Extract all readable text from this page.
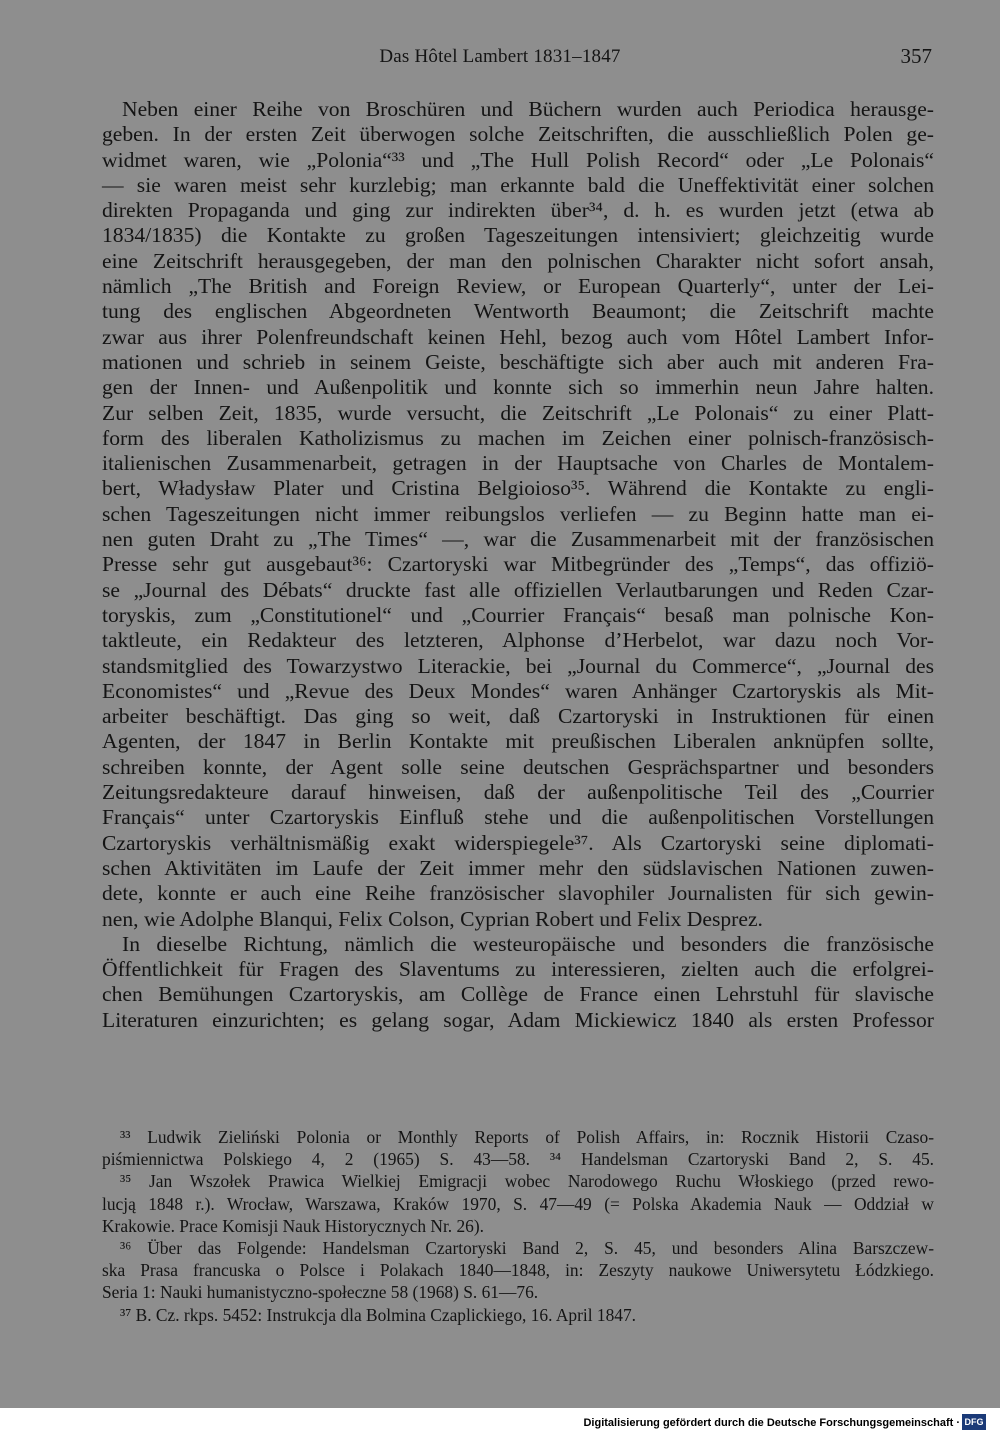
Das Hôtel Lambert 1831–1847	357
Neben einer Reihe von Broschüren und Büchern wurden auch Periodica herausge-
geben. In der ersten Zeit überwogen solche Zeitschriften, die ausschließlich Polen ge-
widmet waren, wie „Polonia“³³ und „The Hull Polish Record“ oder „Le Polonais“
— sie waren meist sehr kurzlebig; man erkannte bald die Uneffektivität einer solchen
direkten Propaganda und ging zur indirekten über³⁴, d. h. es wurden jetzt (etwa ab
1834/1835) die Kontakte zu großen Tageszeitungen intensiviert; gleichzeitig wurde
eine Zeitschrift herausgegeben, der man den polnischen Charakter nicht sofort ansah,
nämlich „The British and Foreign Review, or European Quarterly“, unter der Lei-
tung des englischen Abgeordneten Wentworth Beaumont; die Zeitschrift machte
zwar aus ihrer Polenfreundschaft keinen Hehl, bezog auch vom Hôtel Lambert Infor-
mationen und schrieb in seinem Geiste, beschäftigte sich aber auch mit anderen Fra-
gen der Innen- und Außenpolitik und konnte sich so immerhin neun Jahre halten.
Zur selben Zeit, 1835, wurde versucht, die Zeitschrift „Le Polonais“ zu einer Platt-
form des liberalen Katholizismus zu machen im Zeichen einer polnisch-französisch-
italienischen Zusammenarbeit, getragen in der Hauptsache von Charles de Montalem-
bert, Władysław Plater und Cristina Belgioioso³⁵. Während die Kontakte zu engli-
schen Tageszeitungen nicht immer reibungslos verliefen — zu Beginn hatte man ei-
nen guten Draht zu „The Times“ —, war die Zusammenarbeit mit der französischen
Presse sehr gut ausgebaut³⁶: Czartoryski war Mitbegründer des „Temps“, das offiziö-
se „Journal des Débats“ druckte fast alle offiziellen Verlautbarungen und Reden Czar-
toryskis, zum „Constitutionel“ und „Courrier Français“ besaß man polnische Kon-
taktleute, ein Redakteur des letzteren, Alphonse d’Herbelot, war dazu noch Vor-
standsmitglied des Towarzystwo Literackie, bei „Journal du Commerce“, „Journal des
Economistes“ und „Revue des Deux Mondes“ waren Anhänger Czartoryskis als Mit-
arbeiter beschäftigt. Das ging so weit, daß Czartoryski in Instruktionen für einen
Agenten, der 1847 in Berlin Kontakte mit preußischen Liberalen anknüpfen sollte,
schreiben konnte, der Agent solle seine deutschen Gesprächspartner und besonders
Zeitungsredakteure darauf hinweisen, daß der außenpolitische Teil des „Courrier
Français“ unter Czartoryskis Einfluß stehe und die außenpolitischen Vorstellungen
Czartoryskis verhältnismäßig exakt widerspiegele³⁷. Als Czartoryski seine diplomati-
schen Aktivitäten im Laufe der Zeit immer mehr den südslavischen Nationen zuwen-
dete, konnte er auch eine Reihe französischer slavophiler Journalisten für sich gewin-
nen, wie Adolphe Blanqui, Felix Colson, Cyprian Robert und Felix Desprez.
In dieselbe Richtung, nämlich die westeuropäische und besonders die französische
Öffentlichkeit für Fragen des Slaventums zu interessieren, zielten auch die erfolgrei-
chen Bemühungen Czartoryskis, am Collège de France einen Lehrstuhl für slavische
Literaturen einzurichten; es gelang sogar, Adam Mickiewicz 1840 als ersten Professor
³³ Ludwik Zieliński Polonia or Monthly Reports of Polish Affairs, in: Rocznik Historii Czaso-
piśmiennictwa Polskiego 4, 2 (1965) S. 43—58. ³⁴ Handelsman Czartoryski Band 2, S. 45.
³⁵ Jan Wszołek Prawica Wielkiej Emigracji wobec Narodowego Ruchu Włoskiego (przed rewo-
lucją 1848 r.). Wrocław, Warszawa, Kraków 1970, S. 47—49 (= Polska Akademia Nauk — Oddział w
Krakowie. Prace Komisji Nauk Historycznych Nr. 26).
³⁶ Über das Folgende: Handelsman Czartoryski Band 2, S. 45, und besonders Alina Barszczew-
ska Prasa francuska o Polsce i Polakach 1840—1848, in: Zeszyty naukowe Uniwersytetu Łódzkiego.
Seria 1: Nauki humanistyczno-społeczne 58 (1968) S. 61—76.
³⁷ B. Cz. rkps. 5452: Instrukcja dla Bolmina Czaplickiego, 16. April 1847.
Digitalisierung gefördert durch die Deutsche Forschungsgemeinschaft · DFG
